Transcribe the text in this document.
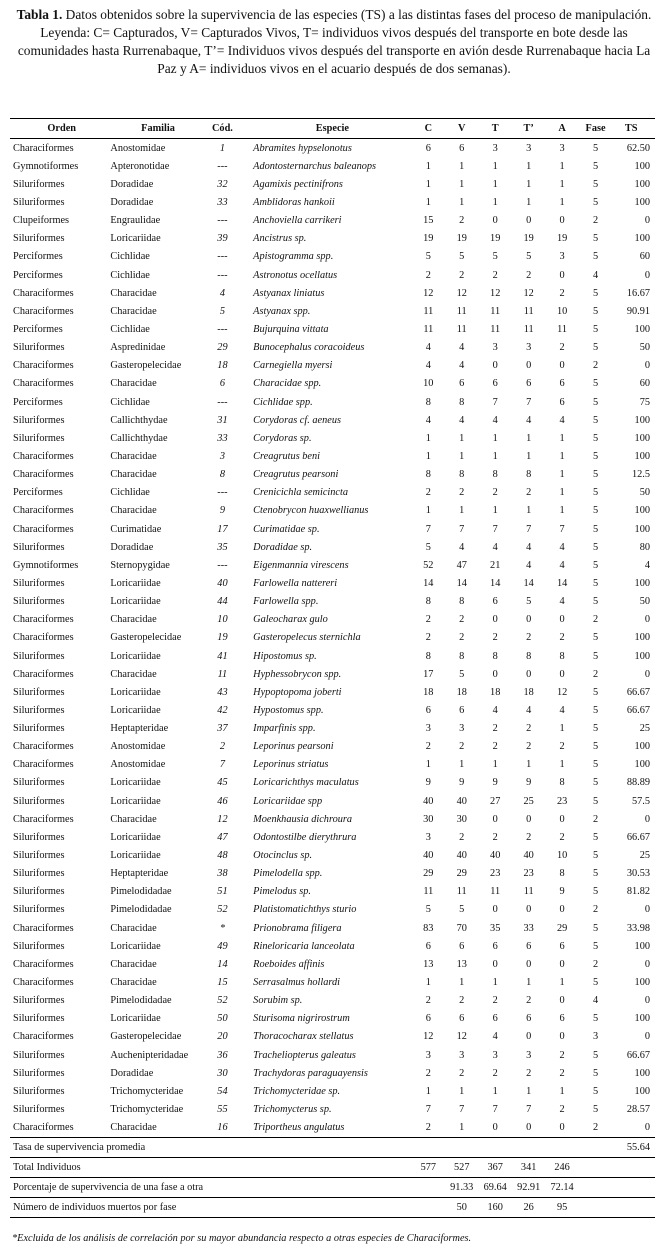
Tabla 1. Datos obtenidos sobre la supervivencia de las especies (TS) a las distintas fases del proceso de manipulación. Leyenda: C= Capturados, V= Capturados Vivos, T= individuos vivos después del transporte en bote desde las comunidades hasta Rurrenabaque, T’= Individuos vivos después del transporte en avión desde Rurrenabaque hacia La Paz y A= individuos vivos en el acuario después de dos semanas).
Orden	Familia	Cód.	Especie	C	V	T	T’	A	Fase	TS
Characiformes	Anostomidae	1	Abramites hypselonotus	6	6	3	3	3	5	62.50
Gymnotiformes	Apteronotidae	---	Adontosternarchus baleanops	1	1	1	1	1	5	100
Siluriformes	Doradidae	32	Agamixis pectinifrons	1	1	1	1	1	5	100
Siluriformes	Doradidae	33	Amblidoras hankoii	1	1	1	1	1	5	100
Clupeiformes	Engraulidae	---	Anchoviella carrikeri	15	2	0	0	0	2	0
Siluriformes	Loricariidae	39	Ancistrus sp.	19	19	19	19	19	5	100
Perciformes	Cichlidae	---	Apistogramma spp.	5	5	5	5	3	5	60
Perciformes	Cichlidae	---	Astronotus ocellatus	2	2	2	2	0	4	0
Characiformes	Characidae	4	Astyanax liniatus	12	12	12	12	2	5	16.67
Characiformes	Characidae	5	Astyanax spp.	11	11	11	11	10	5	90.91
Perciformes	Cichlidae	---	Bujurquina vittata	11	11	11	11	11	5	100
Siluriformes	Aspredinidae	29	Bunocephalus coracoideus	4	4	3	3	2	5	50
Characiformes	Gasteropelecidae	18	Carnegiella myersi	4	4	0	0	0	2	0
Characiformes	Characidae	6	Characidae spp.	10	6	6	6	6	5	60
Perciformes	Cichlidae	---	Cichlidae spp.	8	8	7	7	6	5	75
Siluriformes	Callichthydae	31	Corydoras cf. aeneus	4	4	4	4	4	5	100
Siluriformes	Callichthydae	33	Corydoras sp.	1	1	1	1	1	5	100
Characiformes	Characidae	3	Creagrutus beni	1	1	1	1	1	5	100
Characiformes	Characidae	8	Creagrutus pearsoni	8	8	8	8	1	5	12.5
Perciformes	Cichlidae	---	Crenicichla semicincta	2	2	2	2	1	5	50
Characiformes	Characidae	9	Ctenobrycon huaxwellianus	1	1	1	1	1	5	100
Characiformes	Curimatidae	17	Curimatidae sp.	7	7	7	7	7	5	100
Siluriformes	Doradidae	35	Doradidae sp.	5	4	4	4	4	5	80
Gymnotiformes	Sternopygidae	---	Eigenmannia virescens	52	47	21	4	4	5	4
Siluriformes	Loricariidae	40	Farlowella nattereri	14	14	14	14	14	5	100
Siluriformes	Loricariidae	44	Farlowella spp.	8	8	6	5	4	5	50
Characiformes	Characidae	10	Galeocharax gulo	2	2	0	0	0	2	0
Characiformes	Gasteropelecidae	19	Gasteropelecus sternichla	2	2	2	2	2	5	100
Siluriformes	Loricariidae	41	Hipostomus sp.	8	8	8	8	8	5	100
Characiformes	Characidae	11	Hyphessobrycon spp.	17	5	0	0	0	2	0
Siluriformes	Loricariidae	43	Hypoptopoma joberti	18	18	18	18	12	5	66.67
Siluriformes	Loricariidae	42	Hypostomus spp.	6	6	4	4	4	5	66.67
Siluriformes	Heptapteridae	37	Imparfinis spp.	3	3	2	2	1	5	25
Characiformes	Anostomidae	2	Leporinus pearsoni	2	2	2	2	2	5	100
Characiformes	Anostomidae	7	Leporinus striatus	1	1	1	1	1	5	100
Siluriformes	Loricariidae	45	Loricarichthys maculatus	9	9	9	9	8	5	88.89
Siluriformes	Loricariidae	46	Loricariidae spp	40	40	27	25	23	5	57.5
Characiformes	Characidae	12	Moenkhausia dichroura	30	30	0	0	0	2	0
Siluriformes	Loricariidae	47	Odontostilbe dierythrura	3	2	2	2	2	5	66.67
Siluriformes	Loricariidae	48	Otocinclus sp.	40	40	40	40	10	5	25
Siluriformes	Heptapteridae	38	Pimelodella spp.	29	29	23	23	8	5	30.53
Siluriformes	Pimelodidadae	51	Pimelodus sp.	11	11	11	11	9	5	81.82
Siluriformes	Pimelodidadae	52	Platistomatichthys sturio	5	5	0	0	0	2	0
Characiformes	Characidae	*	Prionobrama filigera	83	70	35	33	29	5	33.98
Siluriformes	Loricariidae	49	Rineloricaria lanceolata	6	6	6	6	6	5	100
Characiformes	Characidae	14	Roeboides affinis	13	13	0	0	0	2	0
Characiformes	Characidae	15	Serrasalmus hollardi	1	1	1	1	1	5	100
Siluriformes	Pimelodidadae	52	Sorubim sp.	2	2	2	2	0	4	0
Siluriformes	Loricariidae	50	Sturisoma nigrirostrum	6	6	6	6	6	5	100
Characiformes	Gasteropelecidae	20	Thoracocharax stellatus	12	12	4	0	0	3	0
Siluriformes	Auchenipteridadae	36	Tracheliopterus galeatus	3	3	3	3	2	5	66.67
Siluriformes	Doradidae	30	Trachydoras paraguayensis	2	2	2	2	2	5	100
Siluriformes	Trichomycteridae	54	Trichomycteridae sp.	1	1	1	1	1	5	100
Siluriformes	Trichomycteridae	55	Trichomycterus sp.	7	7	7	7	2	5	28.57
Characiformes	Characidae	16	Triportheus angulatus	2	1	0	0	0	2	0
Tasa de supervivencia promedia										55.64
Total Individuos				577	527	367	341	246		
Porcentaje de supervivencia de una fase a otra					91.33	69.64	92.91	72.14		
Número de individuos muertos por fase					50	160	26	95		
*Excluida de los análisis de correlación por su mayor abundancia respecto a otras especies de Characiformes.
